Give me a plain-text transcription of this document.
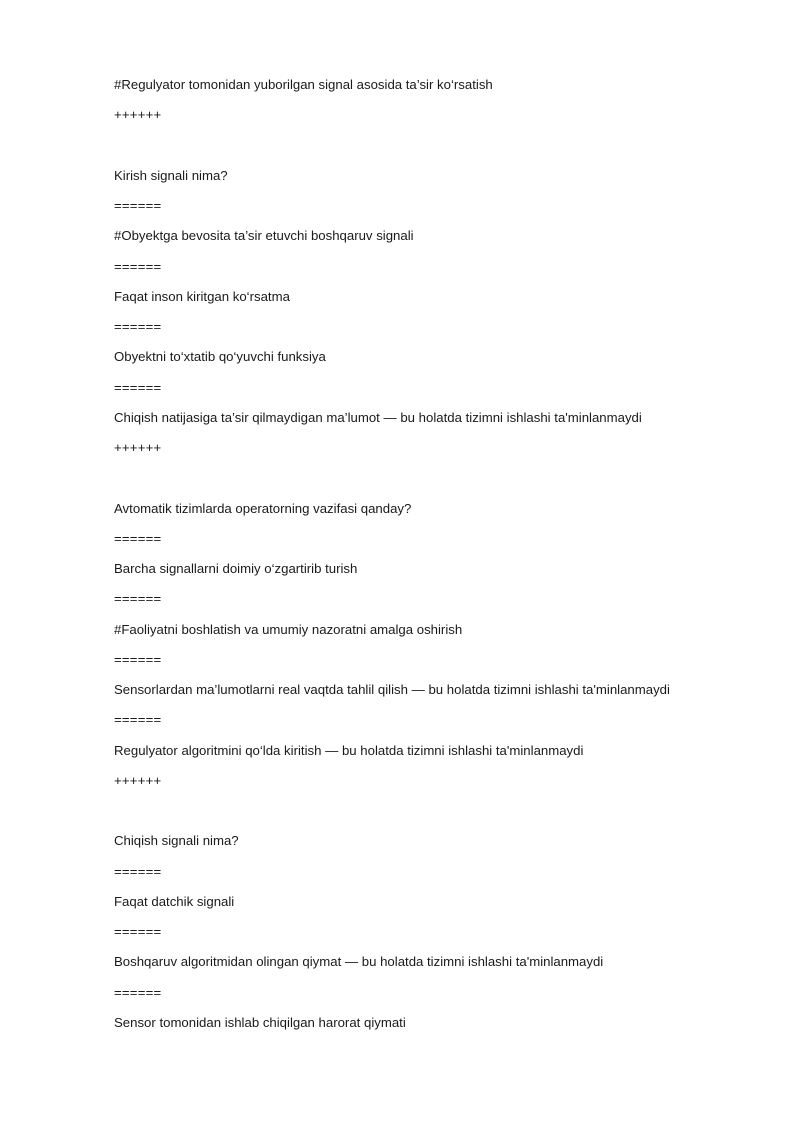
#Regulyator tomonidan yuborilgan signal asosida ta’sir ko‘rsatish
++++++
Kirish signali nima?
======
#Obyektga bevosita ta’sir etuvchi boshqaruv signali
======
Faqat inson kiritgan ko‘rsatma
======
Obyektni to‘xtatib qo‘yuvchi funksiya
======
Chiqish natijasiga ta’sir qilmaydigan ma’lumot — bu holatda tizimni ishlashi ta'minlanmaydi
++++++
Avtomatik tizimlarda operatorning vazifasi qanday?
======
Barcha signallarni doimiy o‘zgartirib turish
======
#Faoliyatni boshlatish va umumiy nazoratni amalga oshirish
======
Sensorlardan ma’lumotlarni real vaqtda tahlil qilish — bu holatda tizimni ishlashi ta'minlanmaydi
======
Regulyator algoritmini qo‘lda kiritish — bu holatda tizimni ishlashi ta'minlanmaydi
++++++
Chiqish signali nima?
======
Faqat datchik signali
======
Boshqaruv algoritmidan olingan qiymat — bu holatda tizimni ishlashi ta'minlanmaydi
======
Sensor tomonidan ishlab chiqilgan harorat qiymati
